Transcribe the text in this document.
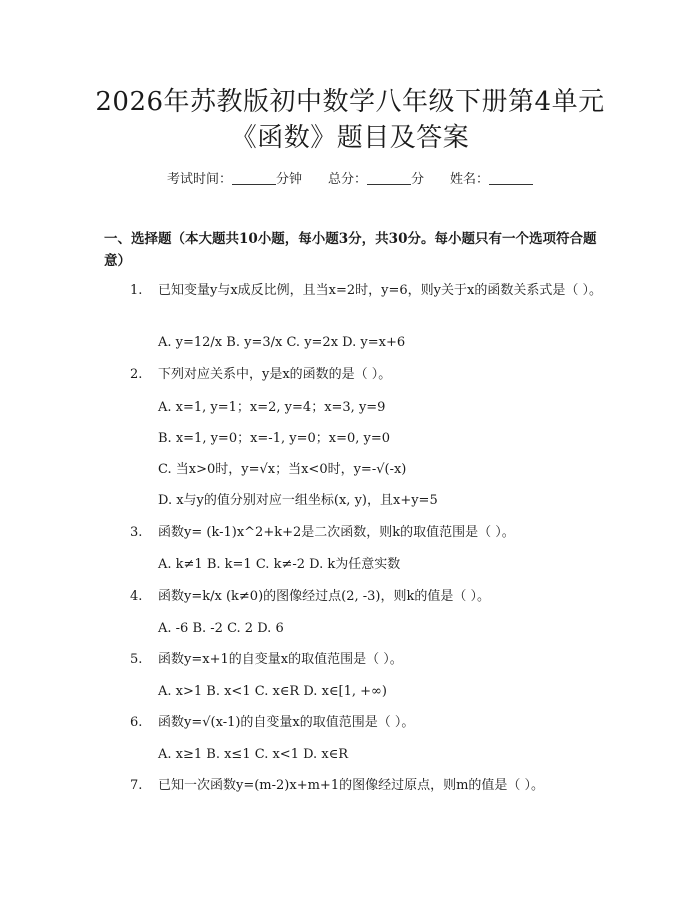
2026年苏教版初中数学八年级下册第4单元
《函数》题目及答案
考试时间：	分钟 总分：	分 姓名：
一、选择题（本大题共10小题，每小题3分，共30分。每小题只有一个选项符合题意）
1. 已知变量y与x成反比例，且当x=2时，y=6，则y关于x的函数关系式是（ ）。
A. y=12/x B. y=3/x C. y=2x D. y=x+6
2. 下列对应关系中，y是x的函数的是（ ）。
A. x=1, y=1；x=2, y=4；x=3, y=9
B. x=1, y=0；x=-1, y=0；x=0, y=0
C. 当x>0时，y=√x；当x<0时，y=-√(-x)
D. x与y的值分别对应一组坐标(x, y)，且x+y=5
3. 函数y= (k-1)x^2+k+2是二次函数，则k的取值范围是（ ）。
A. k≠1 B. k=1 C. k≠-2 D. k为任意实数
4. 函数y=k/x (k≠0)的图像经过点(2, -3)，则k的值是（ ）。
A. -6 B. -2 C. 2 D. 6
5. 函数y=x+1的自变量x的取值范围是（ ）。
A. x>1 B. x<1 C. x∈R D. x∈[1, +∞)
6. 函数y=√(x-1)的自变量x的取值范围是（ ）。
A. x≥1 B. x≤1 C. x<1 D. x∈R
7. 已知一次函数y=(m-2)x+m+1的图像经过原点，则m的值是（ ）。
